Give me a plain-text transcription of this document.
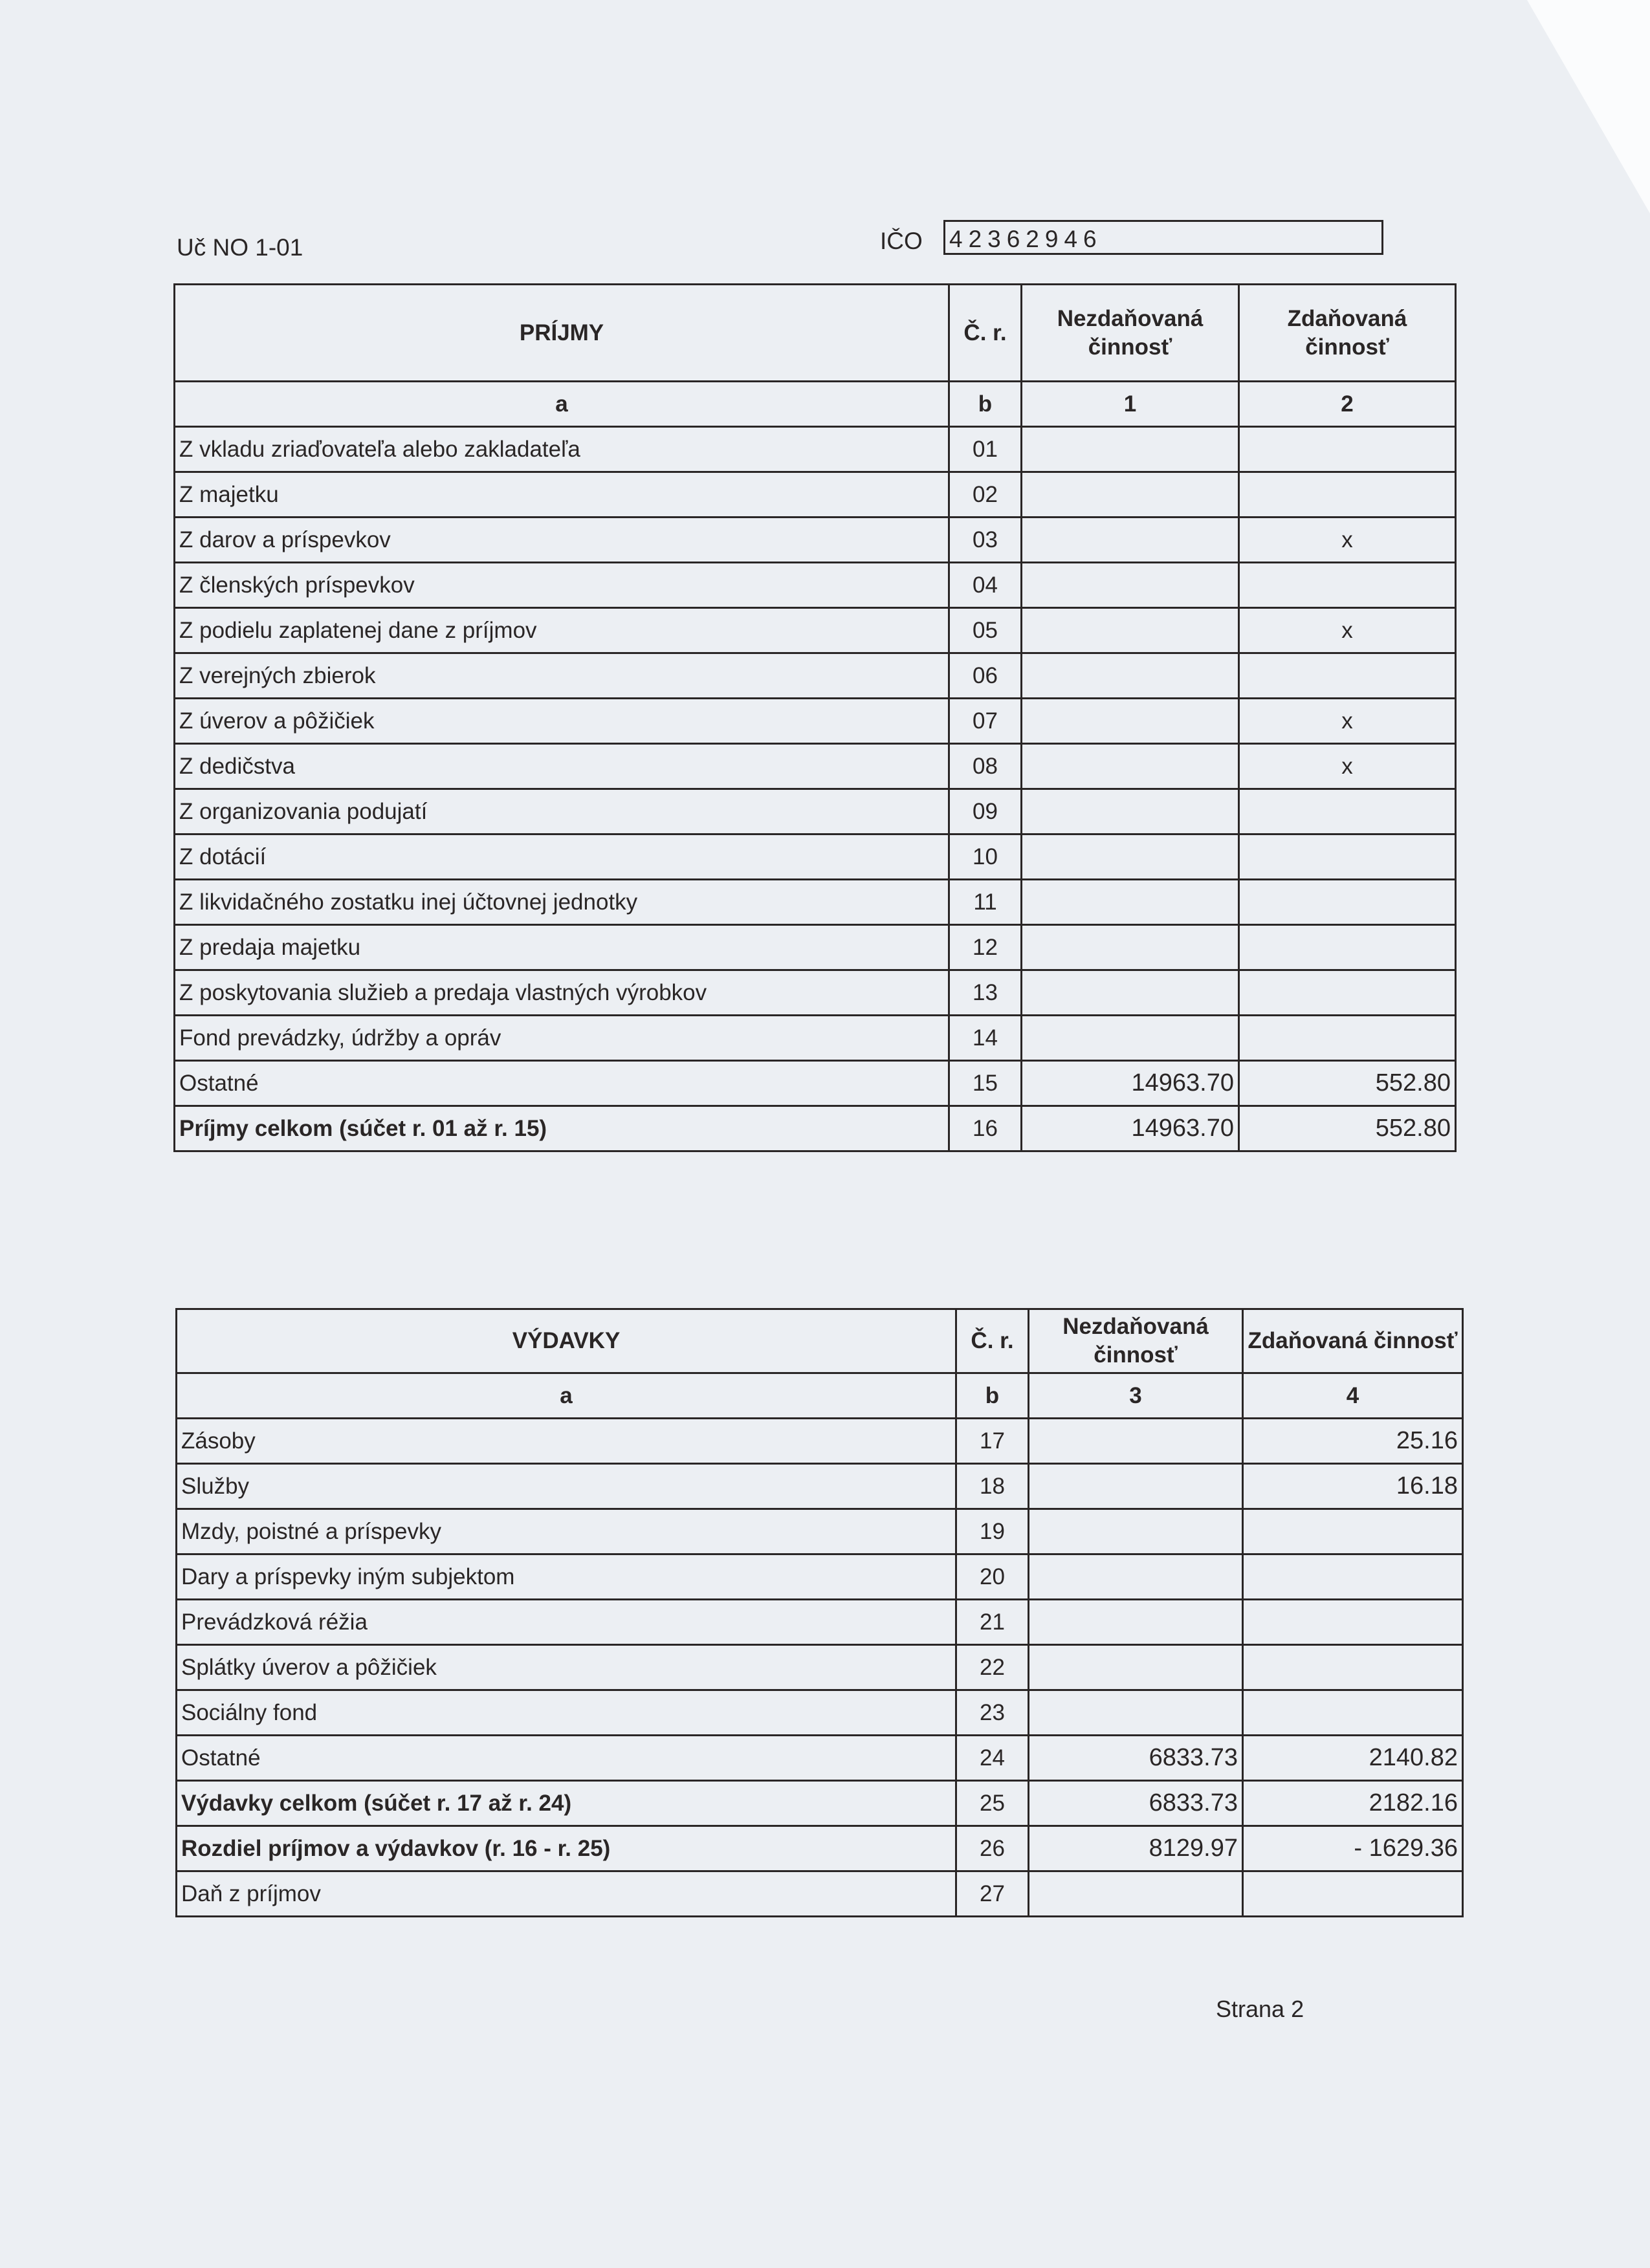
Uč NO 1-01	IČO 42362946
PRÍJMY	Č. r.	Nezdaňovaná činnosť	Zdaňovaná činnosť
a	b	1	2
Z vkladu zriaďovateľa alebo zakladateľa	01		
Z majetku	02		
Z darov a príspevkov	03		x
Z členských príspevkov	04		
Z podielu zaplatenej dane z príjmov	05		x
Z verejných zbierok	06		
Z úverov a pôžičiek	07		x
Z dedičstva	08		x
Z organizovania podujatí	09		
Z dotácií	10		
Z likvidačného zostatku inej účtovnej jednotky	11		
Z predaja majetku	12		
Z poskytovania služieb a predaja vlastných výrobkov	13		
Fond prevádzky, údržby a opráv	14		
Ostatné	15	14963.70	552.80
Príjmy celkom (súčet r. 01 až r. 15)	16	14963.70	552.80
VÝDAVKY	Č. r.	Nezdaňovaná činnosť	Zdaňovaná činnosť
a	b	3	4
Zásoby	17		25.16
Služby	18		16.18
Mzdy, poistné a príspevky	19		
Dary a príspevky iným subjektom	20		
Prevádzková réžia	21		
Splátky úverov a pôžičiek	22		
Sociálny fond	23		
Ostatné	24	6833.73	2140.82
Výdavky celkom (súčet r. 17 až r. 24)	25	6833.73	2182.16
Rozdiel príjmov a výdavkov (r. 16 - r. 25)	26	8129.97	- 1629.36
Daň z príjmov	27		
Strana 2
